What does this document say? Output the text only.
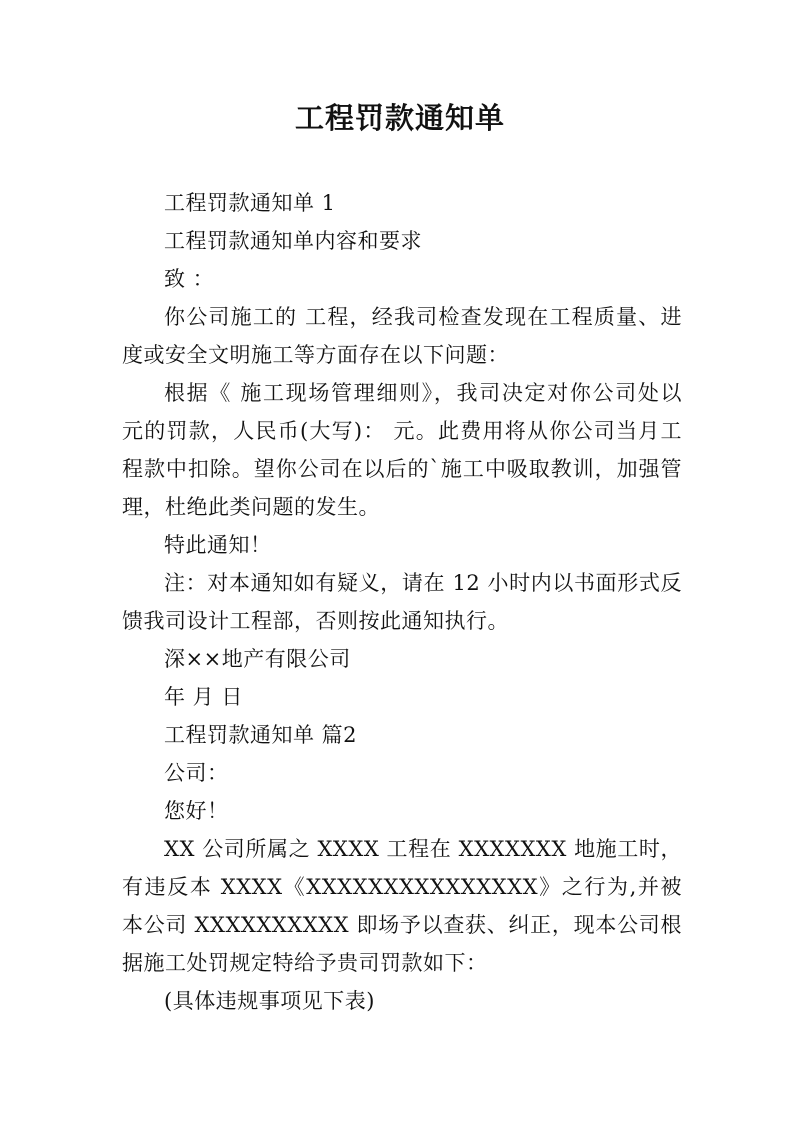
工程罚款通知单

工程罚款通知单 1

工程罚款通知单内容和要求

致 ：

你公司施工的 工程，经我司检查发现在工程质量、进度或安全文明施工等方面存在以下问题：

根据《 施工现场管理细则》，我司决定对你公司处以 元的罚款，人民币(大写)： 元。此费用将从你公司当月工程款中扣除。望你公司在以后的`施工中吸取教训，加强管理，杜绝此类问题的发生。

特此通知！

注：对本通知如有疑义，请在 12 小时内以书面形式反馈我司设计工程部，否则按此通知执行。

深××地产有限公司

年 月 日

工程罚款通知单 篇2

公司：

您好！

XX 公司所属之 XXXX 工程在 XXXXXXX 地施工时，有违反本 XXXX《XXXXXXXXXXXXXXX》之行为,并被本公司 XXXXXXXXXX 即场予以查获、纠正，现本公司根据施工处罚规定特给予贵司罚款如下：

(具体违规事项见下表)
